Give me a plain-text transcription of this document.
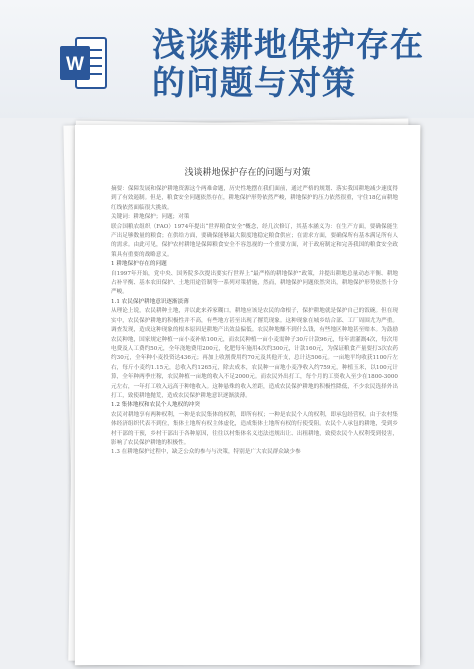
W
浅谈耕地保护存在
的问题与对策
浅谈耕地保护存在的问题与对策

摘要：保障发展和保护耕地资源这个两难命题，历史性地摆在我们面前，通过严格的规划、落实我国耕地减少速度得到了有效遏制。但是，粮食安全问题依然存在，耕地保护形势依然严峻，耕地保护的压力依然很重，守住18亿亩耕地红线依然面临很大挑战。

关键词：耕地保护；问题；对策

联合国粮农组织（FAO）1974年提出“世界粮食安全”概念，经几次修订，其基本涵义为：在生产方面，要确保能生产出足够数量的粮食；在供给方面，要确保能够最大限度地稳定粮食供应；在需求方面，要确保所有基本满足所有人的需求。由此可见，保护农村耕地是保障粮食安全不容忽视的一个重要方面，对于政府制定和完善我国的粮食安全政策具有重要的战略意义。

1 耕地保护存在的问题

自1997年开始，党中央、国务院多次提出要实行世界上“最严格的耕地保护”政策，并提出耕地总量动态平衡、耕地占补平衡、基本农田保护、土地用途管制等一系列对策措施，然而，耕地保护问题依然突出，耕地保护形势依然十分严峻。

1.1 农民保护耕地意识逐渐淡薄

从理论上说，农民耕种土地，并以此来养家糊口，耕地应该是农民的命根子，保护耕地就是保护自己的饭碗。但在现实中，农民保护耕地的积极性并不高，有些地方甚至出现了撂荒现象。这种现象在城乡结合部、工厂周围尤为严重。调查发现，造成这种现象的根本原因是耕地产出效益偏低。农民种地赚不到什么钱，有些地区种地甚至赔本。为鼓励农民种地，国家规定种植一亩小麦补贴100元，而农民种植一亩小麦需种子30斤计款96元，每年需灌溉4次，每次用电费及人工费约50元，全年浇地费用200元，化肥每年施用4次约300元，计款160元，为保证粮食产量要打3次农药约30元，全年种小麦投资达436元；再加上收割费用约70元及其他开支，总计达506元。一亩地平均收获1100斤左右，每斤小麦约1.15元，总收入约1265元，除去成本，农民种一亩地小麦净收入约759元，种植玉米，以100元计算，全年种两季庄稼，农民种植一亩地的收入不足2000元。而农民外出打工，每个月的工资收入至少在1800-3000元左右，一年打工收入远高于种地收入。这种悬殊的收入差距，造成农民保护耕地的积极性降低，不少农民选择外出打工，致使耕地抛荒，造成农民保护耕地意识逐渐淡薄。

1.2 集体地权和农民个人地权的冲突

农民对耕地享有两种权利，一种是农民集体的权利，即所有权；一种是农民个人的权利，即承包经营权。由于农村集体经济组织代表不到位，集体土地所有权主体虚化，造成集体土地所有权的行使受阻。农民个人承包的耕地，受到乡村干部的干预，乡村干部出于各种原因，往往以村集体名义违法违规出让、出租耕地，致使农民个人权利受到侵害，影响了农民保护耕地的积极性。

1.3 在耕地保护过程中，缺乏公众的参与与决策，特别是广大农民群众缺少参
